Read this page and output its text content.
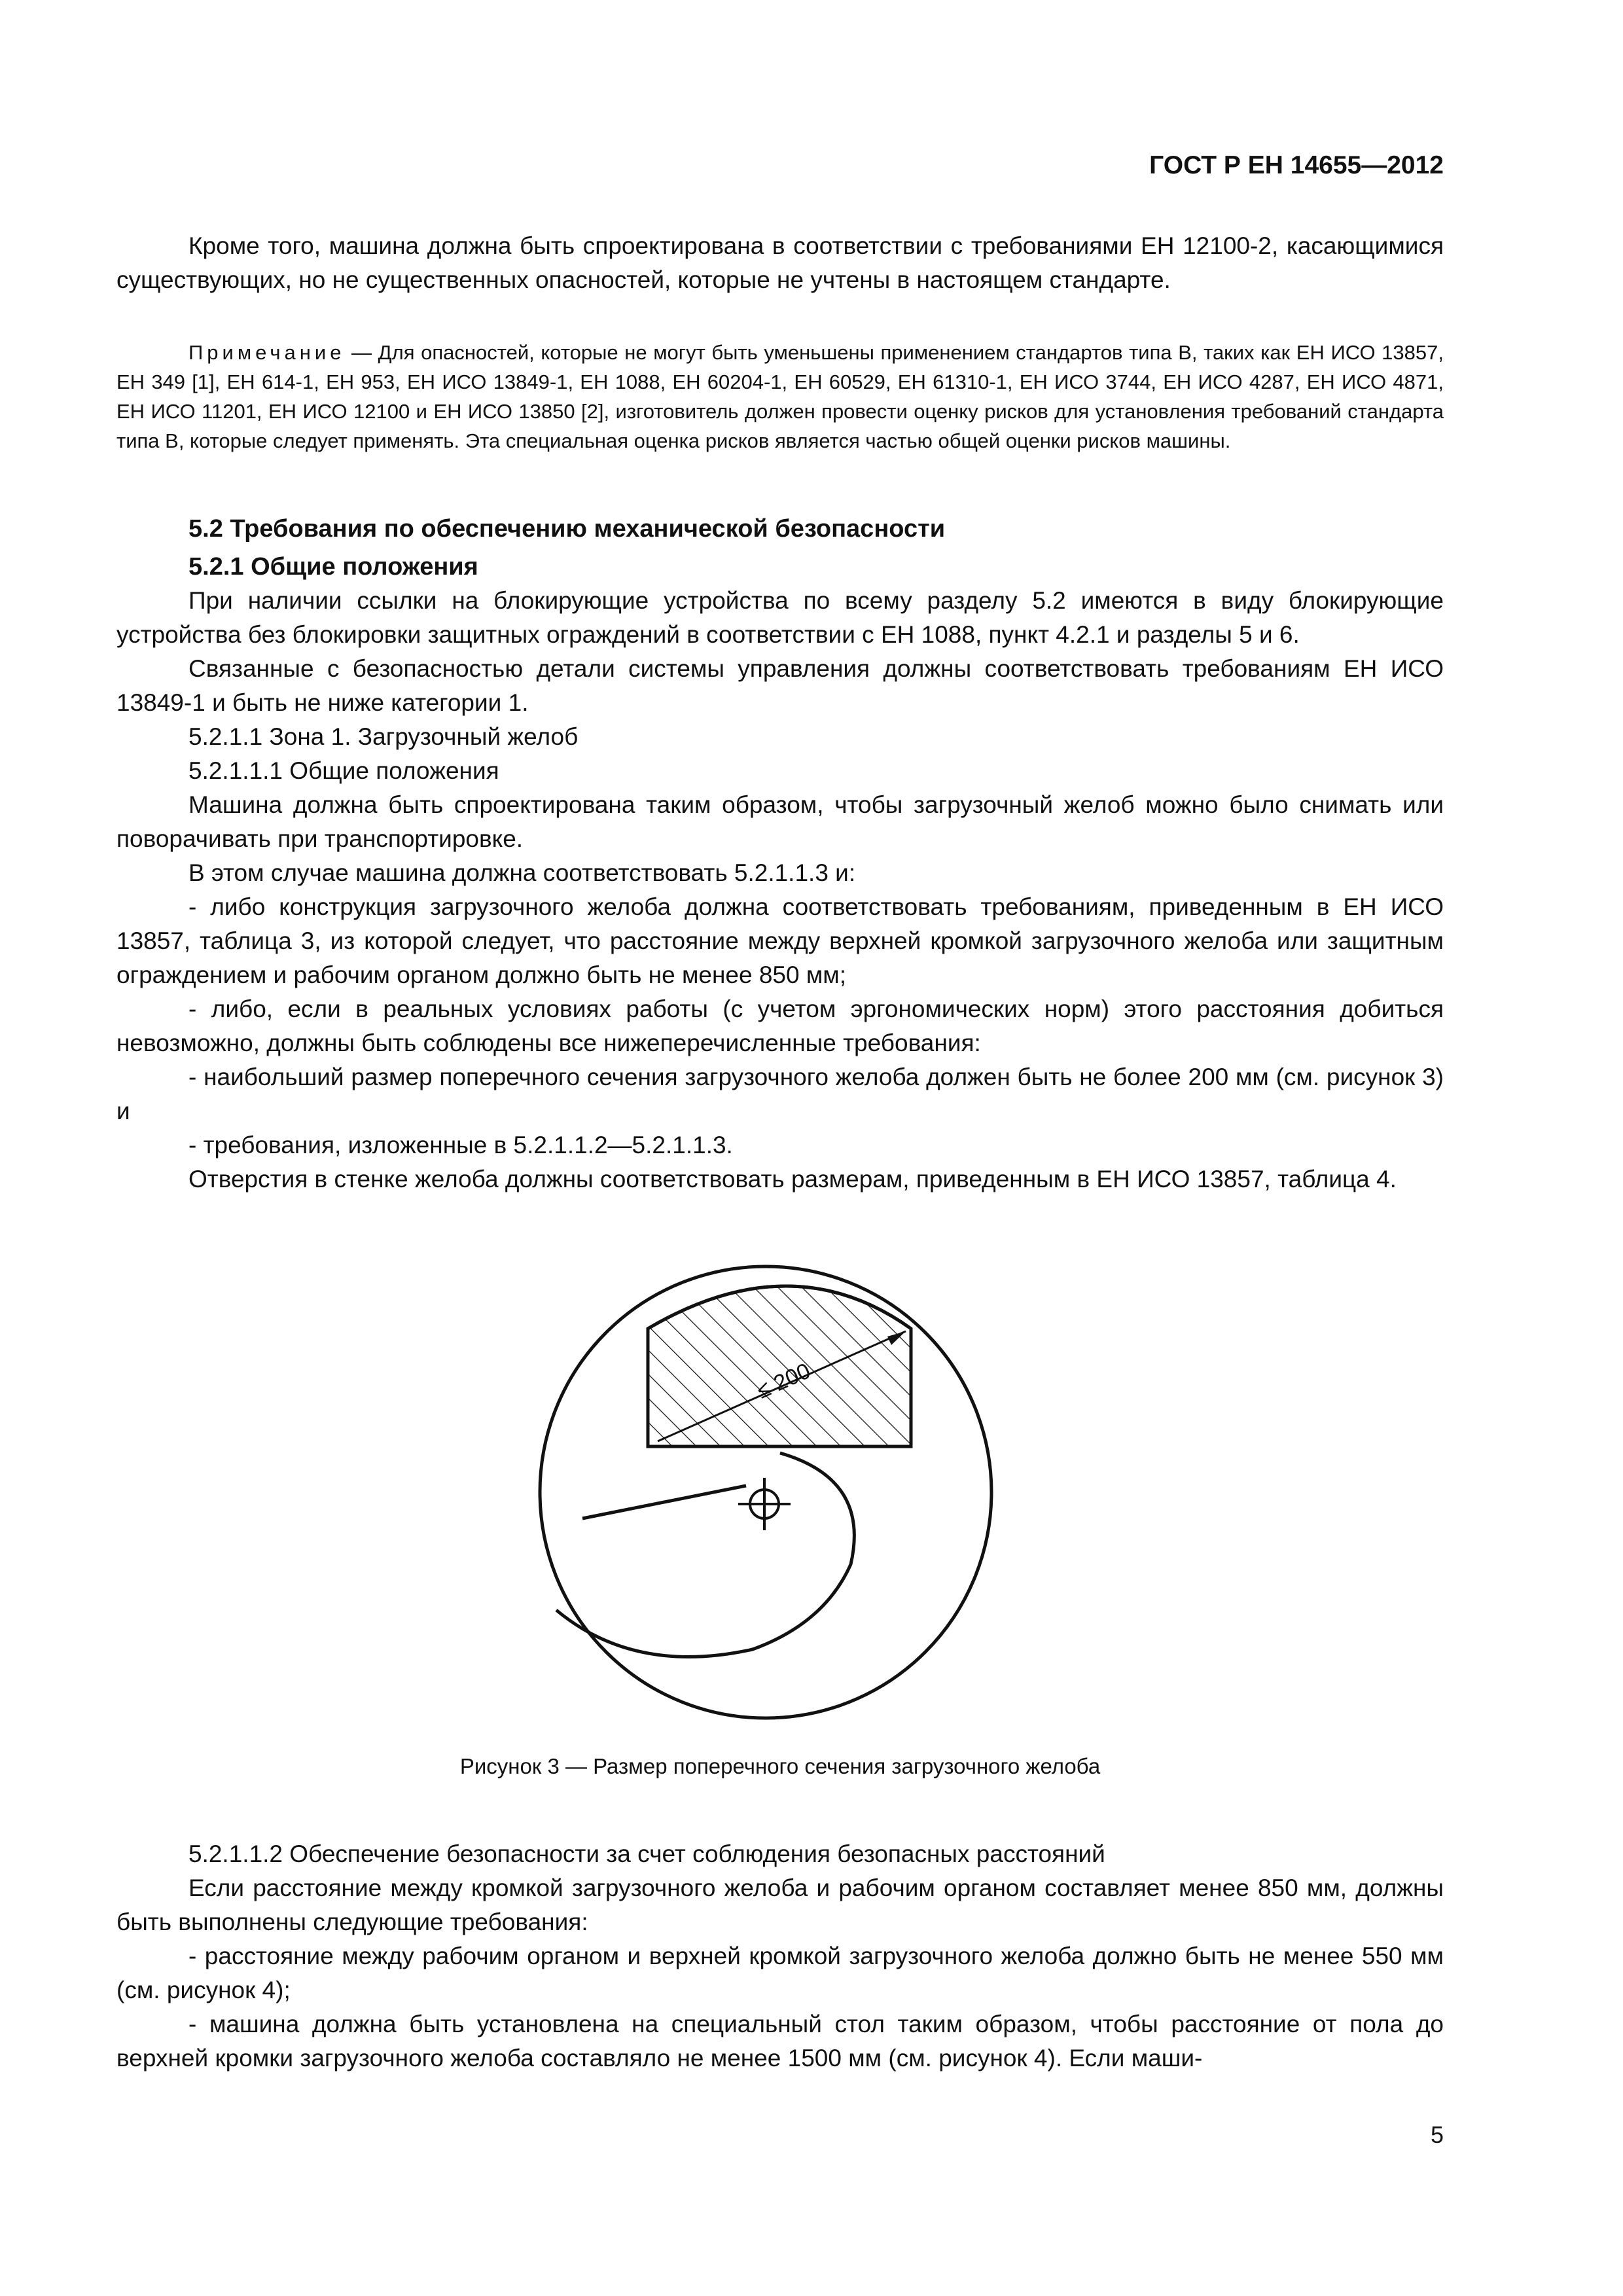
ГОСТ Р ЕН 14655—2012

Кроме того, машина должна быть спроектирована в соответствии с требованиями ЕН 12100-2, касающимися существующих, но не существенных опасностей, которые не учтены в настоящем стандарте.

Примечание — Для опасностей, которые не могут быть уменьшены применением стандартов типа В, таких как ЕН ИСО 13857, ЕН 349 [1], ЕН 614-1, ЕН 953, ЕН ИСО 13849-1, ЕН 1088, ЕН 60204-1, ЕН 60529, ЕН 61310-1, ЕН ИСО 3744, ЕН ИСО 4287, ЕН ИСО 4871, ЕН ИСО 11201, ЕН ИСО 12100 и ЕН ИСО 13850 [2], изготовитель должен провести оценку рисков для установления требований стандарта типа В, которые следует применять. Эта специальная оценка рисков является частью общей оценки рисков машины.

5.2 Требования по обеспечению механической безопасности

5.2.1 Общие положения

При наличии ссылки на блокирующие устройства по всему разделу 5.2 имеются в виду блокирующие устройства без блокировки защитных ограждений в соответствии с ЕН 1088, пункт 4.2.1 и разделы 5 и 6.

Связанные с безопасностью детали системы управления должны соответствовать требованиям ЕН ИСО 13849-1 и быть не ниже категории 1.

5.2.1.1 Зона 1. Загрузочный желоб

5.2.1.1.1 Общие положения

Машина должна быть спроектирована таким образом, чтобы загрузочный желоб можно было снимать или поворачивать при транспортировке.

В этом случае машина должна соответствовать 5.2.1.1.3 и:

- либо конструкция загрузочного желоба должна соответствовать требованиям, приведенным в ЕН ИСО 13857, таблица 3, из которой следует, что расстояние между верхней кромкой загрузочного желоба или защитным ограждением и рабочим органом должно быть не менее 850 мм;

- либо, если в реальных условиях работы (с учетом эргономических норм) этого расстояния добиться невозможно, должны быть соблюдены все нижеперечисленные требования:

- наибольший размер поперечного сечения загрузочного желоба должен быть не более 200 мм (см. рисунок 3) и

- требования, изложенные в 5.2.1.1.2—5.2.1.1.3.

Отверстия в стенке желоба должны соответствовать размерам, приведенным в ЕН ИСО 13857, таблица 4.

≤ 200
Рисунок 3 — Размер поперечного сечения загрузочного желоба

5.2.1.1.2 Обеспечение безопасности за счет соблюдения безопасных расстояний

Если расстояние между кромкой загрузочного желоба и рабочим органом составляет менее 850 мм, должны быть выполнены следующие требования:

- расстояние между рабочим органом и верхней кромкой загрузочного желоба должно быть не менее 550 мм (см. рисунок 4);

- машина должна быть установлена на специальный стол таким образом, чтобы расстояние от пола до верхней кромки загрузочного желоба составляло не менее 1500 мм (см. рисунок 4). Если маши-

5
